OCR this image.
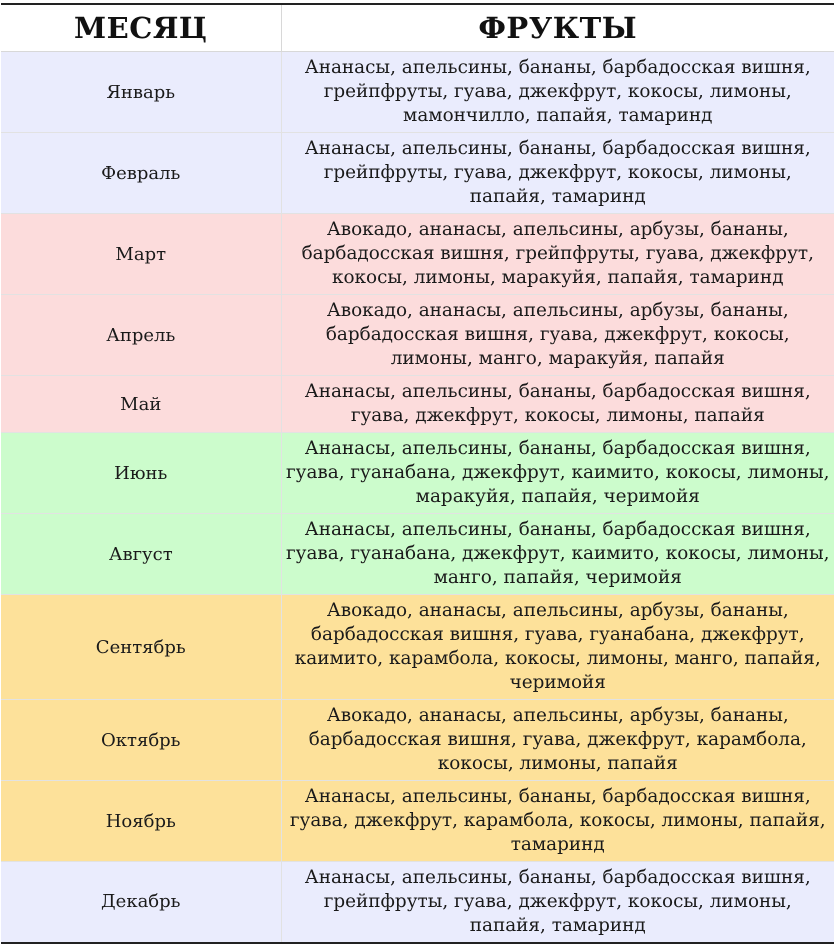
МЕСЯЦ	ФРУКТЫ
Январь	Ананасы, апельсины, бананы, барбадосская вишня,
грейпфруты, гуава, джекфрут, кокосы, лимоны,
мамончилло, папайя, тамаринд

Февраль	Ананасы, апельсины, бананы, барбадосская вишня,
грейпфруты, гуава, джекфрут, кокосы, лимоны,
папайя, тамаринд

Март	Авокадо, ананасы, апельсины, арбузы, бананы,
барбадосская вишня, грейпфруты, гуава, джекфрут,
кокосы, лимоны, маракуйя, папайя, тамаринд

Апрель	Авокадо, ананасы, апельсины, арбузы, бананы,
барбадосская вишня, гуава, джекфрут, кокосы,
лимоны, манго, маракуйя, папайя

Май	Ананасы, апельсины, бананы, барбадосская вишня,
гуава, джекфрут, кокосы, лимоны, папайя

Июнь	Ананасы, апельсины, бананы, барбадосская вишня,
гуава, гуанабана, джекфрут, каимито, кокосы, лимоны,
маракуйя, папайя, черимойя

Август	Ананасы, апельсины, бананы, барбадосская вишня,
гуава, гуанабана, джекфрут, каимито, кокосы, лимоны,
манго, папайя, черимойя

Сентябрь	Авокадо, ананасы, апельсины, арбузы, бананы,
барбадосская вишня, гуава, гуанабана, джекфрут,
каимито, карамбола, кокосы, лимоны, манго, папайя,
черимойя

Октябрь	Авокадо, ананасы, апельсины, арбузы, бананы,
барбадосская вишня, гуава, джекфрут, карамбола,
кокосы, лимоны, папайя

Ноябрь	Ананасы, апельсины, бананы, барбадосская вишня,
гуава, джекфрут, карамбола, кокосы, лимоны, папайя,
тамаринд

Декабрь	Ананасы, апельсины, бананы, барбадосская вишня,
грейпфруты, гуава, джекфрут, кокосы, лимоны,
папайя, тамаринд
